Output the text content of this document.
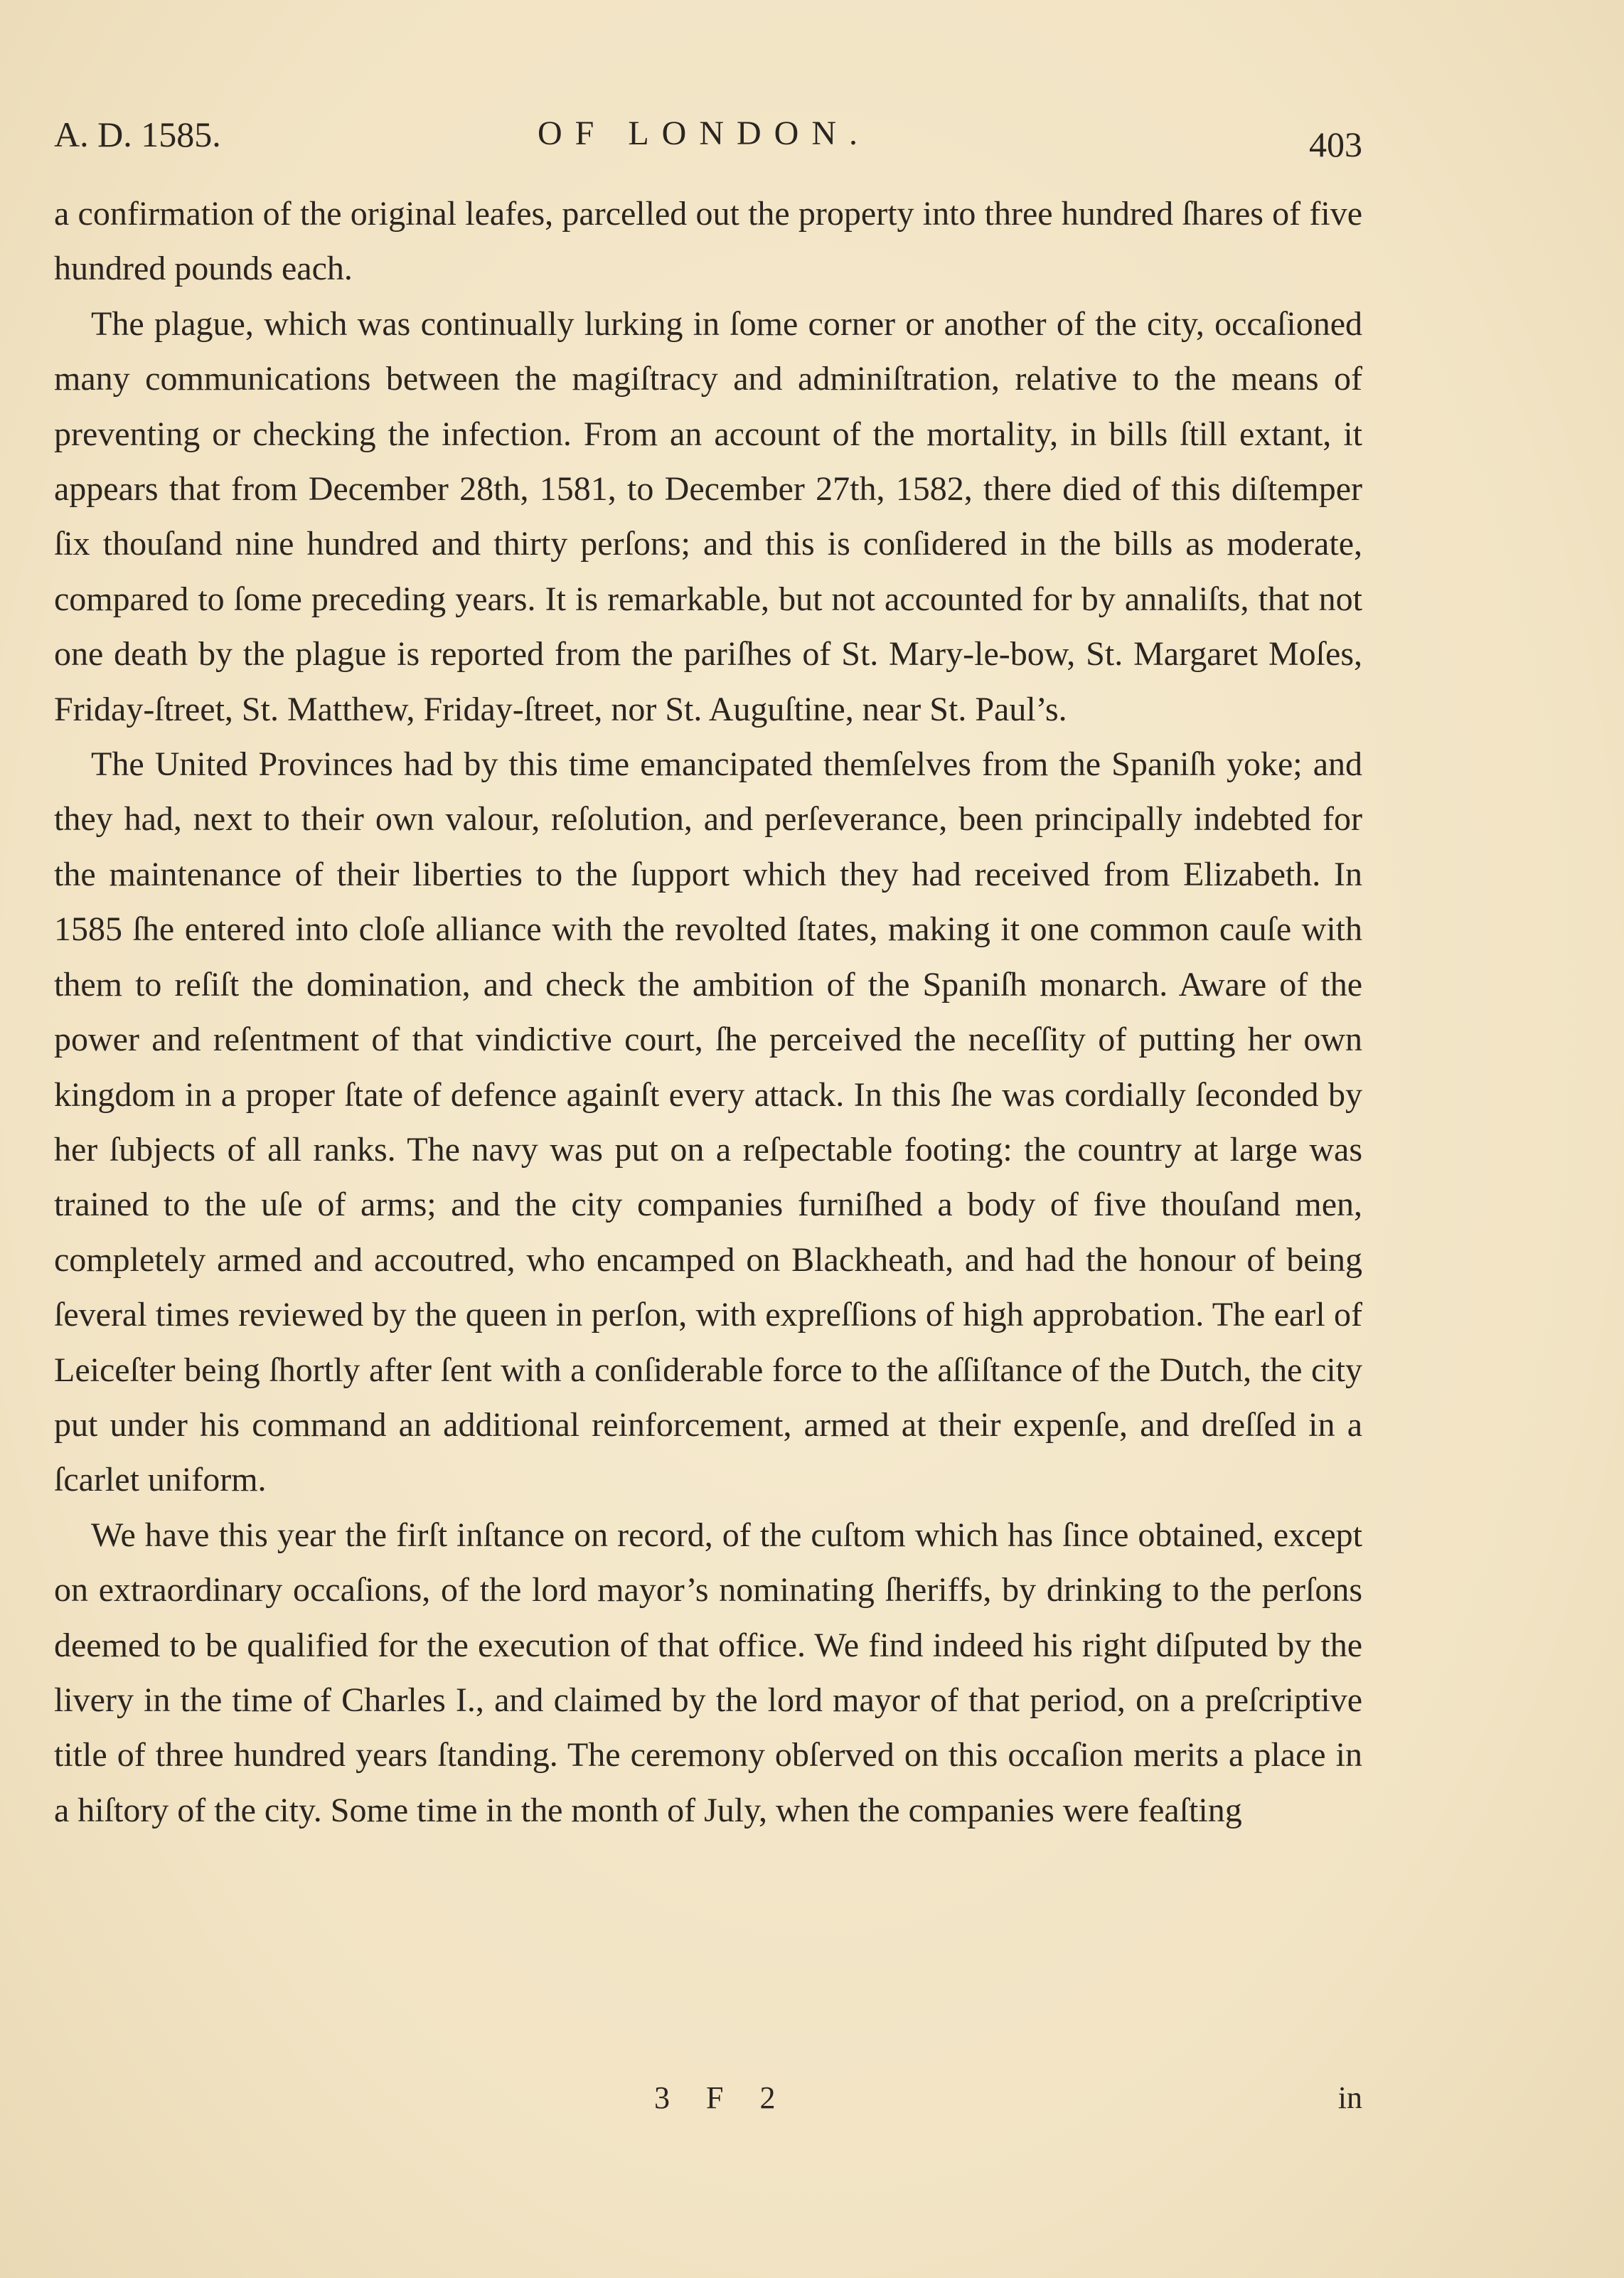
A. D. 1585.	OF LONDON.	403

a confirmation of the original leafes, parcelled out the property into three hundred ſhares of five hundred pounds each.

The plague, which was continually lurking in ſome corner or another of the city, occaſioned many communications between the magiſtracy and adminiſtration, relative to the means of preventing or checking the infection. From an account of the mortality, in bills ſtill extant, it appears that from December 28th, 1581, to December 27th, 1582, there died of this diſtemper ſix thouſand nine hundred and thirty perſons; and this is conſidered in the bills as moderate, compared to ſome preceding years. It is remarkable, but not accounted for by annaliſts, that not one death by the plague is reported from the pariſhes of St. Mary-le-bow, St. Margaret Moſes, Friday-ſtreet, St. Matthew, Friday-ſtreet, nor St. Auguſtine, near St. Paul’s.

The United Provinces had by this time emancipated themſelves from the Spaniſh yoke; and they had, next to their own valour, reſolution, and perſeverance, been principally indebted for the maintenance of their liberties to the ſupport which they had received from Elizabeth. In 1585 ſhe entered into cloſe alliance with the revolted ſtates, making it one common cauſe with them to reſiſt the domination, and check the ambition of the Spaniſh monarch. Aware of the power and reſentment of that vindictive court, ſhe perceived the neceſſity of putting her own kingdom in a proper ſtate of defence againſt every attack. In this ſhe was cordially ſeconded by her ſubjects of all ranks. The navy was put on a reſpectable footing: the country at large was trained to the uſe of arms; and the city companies furniſhed a body of five thouſand men, completely armed and accoutred, who encamped on Blackheath, and had the honour of being ſeveral times reviewed by the queen in perſon, with expreſſions of high approbation. The earl of Leiceſter being ſhortly after ſent with a conſiderable force to the aſſiſtance of the Dutch, the city put under his command an additional reinforcement, armed at their expenſe, and dreſſed in a ſcarlet uniform.

We have this year the firſt inſtance on record, of the cuſtom which has ſince obtained, except on extraordinary occaſions, of the lord mayor’s nominating ſheriffs, by drinking to the perſons deemed to be qualified for the execution of that office. We find indeed his right diſputed by the livery in the time of Charles I., and claimed by the lord mayor of that period, on a preſcriptive title of three hundred years ſtanding. The ceremony obſerved on this occaſion merits a place in a hiſtory of the city. Some time in the month of July, when the companies were feaſting

3 F 2	in
